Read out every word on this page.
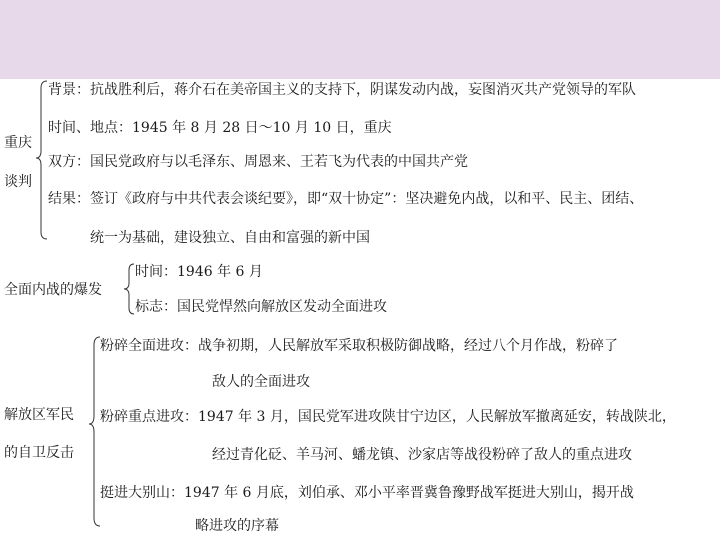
重庆
谈判
背景：抗战胜利后，蒋介石在美帝国主义的支持下，阴谋发动内战，妄图消灭共产党领导的军队
时间、地点：1945 年 8 月 28 日～10 月 10 日，重庆
双方：国民党政府与以毛泽东、周恩来、王若飞为代表的中国共产党
结果：签订《政府与中共代表会谈纪要》，即“双十协定”：坚决避免内战，以和平、民主、团结、
统一为基础，建设独立、自由和富强的新中国
全面内战的爆发
时间：1946 年 6 月
标志：国民党悍然向解放区发动全面进攻
解放区军民
的自卫反击
粉碎全面进攻：战争初期，人民解放军采取积极防御战略，经过八个月作战，粉碎了
敌人的全面进攻
粉碎重点进攻：1947 年 3 月，国民党军进攻陕甘宁边区，人民解放军撤离延安，转战陕北，
经过青化砭、羊马河、蟠龙镇、沙家店等战役粉碎了敌人的重点进攻
挺进大别山：1947 年 6 月底，刘伯承、邓小平率晋冀鲁豫野战军挺进大别山，揭开战
略进攻的序幕
